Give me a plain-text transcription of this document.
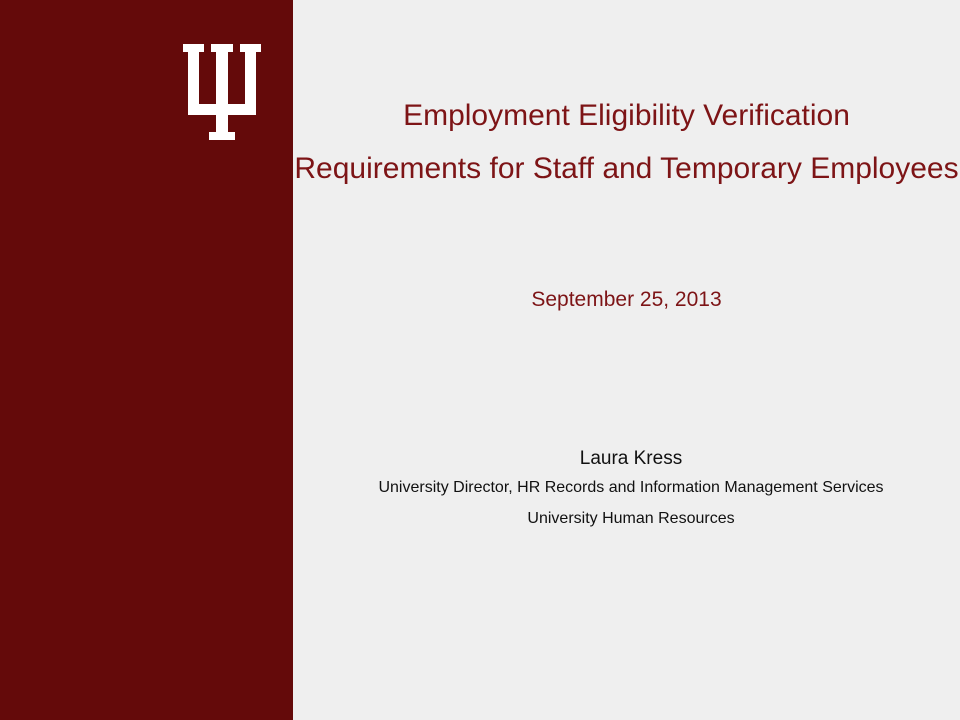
Employment Eligibility Verification
Requirements for Staff and Temporary Employees
September 25, 2013
Laura Kress
University Director, HR Records and Information Management Services
University Human Resources
